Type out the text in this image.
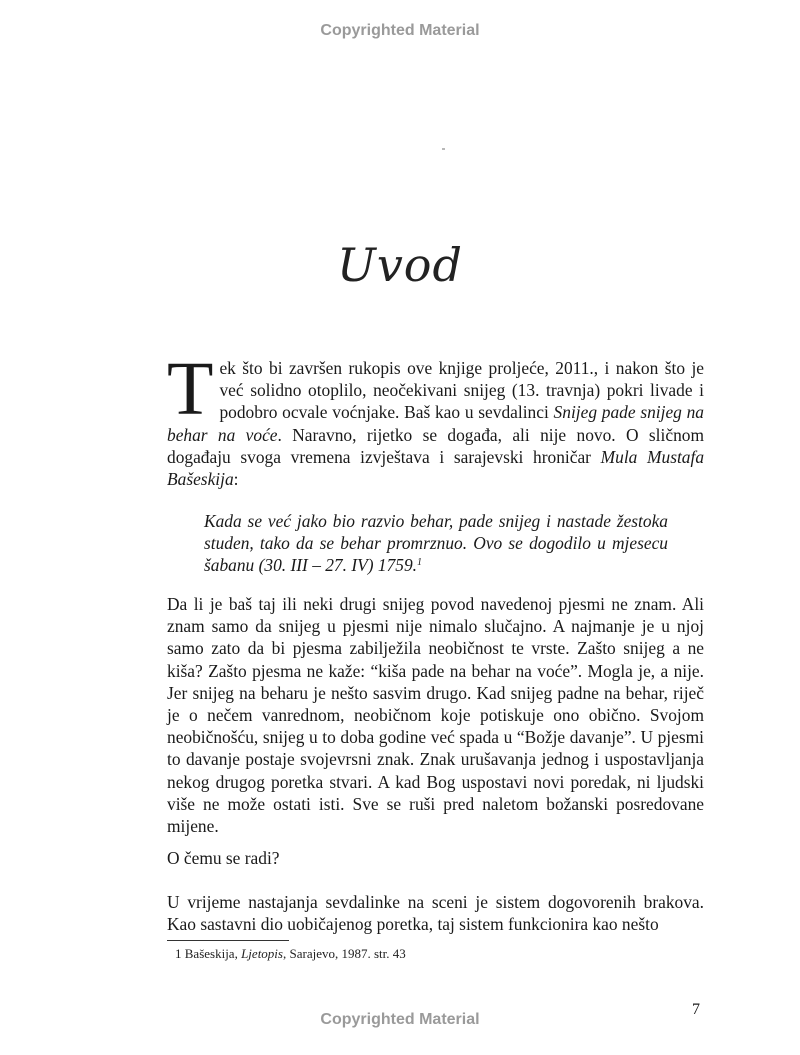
Copyrighted Material
Uvod
Tek što bi završen rukopis ove knjige proljeće, 2011., i nakon što je već solidno otoplilo, neočekivani snijeg (13. travnja) pokri livade i podobro ocvale voćnjake. Baš kao u sevdalinci Snijeg pade snijeg na behar na voće. Naravno, rijetko se događa, ali nije novo. O sličnom događaju svoga vremena izvještava i sarajevski hroničar Mula Mustafa Bašeskija:
Kada se već jako bio razvio behar, pade snijeg i nastade žestoka studen, tako da se behar promrznuo. Ovo se dogodilo u mjesecu šabanu (30. III – 27. IV) 1759.$^1$
Da li je baš taj ili neki drugi snijeg povod navedenoj pjesmi ne znam. Ali znam samo da snijeg u pjesmi nije nimalo slučajno. A najmanje je u njoj samo zato da bi pjesma zabilježila neobičnost te vrste. Zašto snijeg a ne kiša? Zašto pjesma ne kaže: “kiša pade na behar na voće”. Mogla je, a nije. Jer snijeg na beharu je nešto sasvim drugo. Kad snijeg padne na behar, riječ je o nečem vanrednom, neobičnom koje potiskuje ono obično. Svojom neobičnošću, snijeg u to doba godine već spada u “Božje davanje”. U pjesmi to davanje postaje svojevrsni znak. Znak urušavanja jednog i uspostavljanja nekog drugog poretka stvari. A kad Bog uspostavi novi poredak, ni ljudski više ne može ostati isti. Sve se ruši pred naletom božanski posredovane mijene.
O čemu se radi?
U vrijeme nastajanja sevdalinke na sceni je sistem dogovorenih brakova. Kao sastavni dio uobičajenog poretka, taj sistem funkcionira kao nešto
1 Bašeskija, Ljetopis, Sarajevo, 1987. str. 43
7
Copyrighted Material
